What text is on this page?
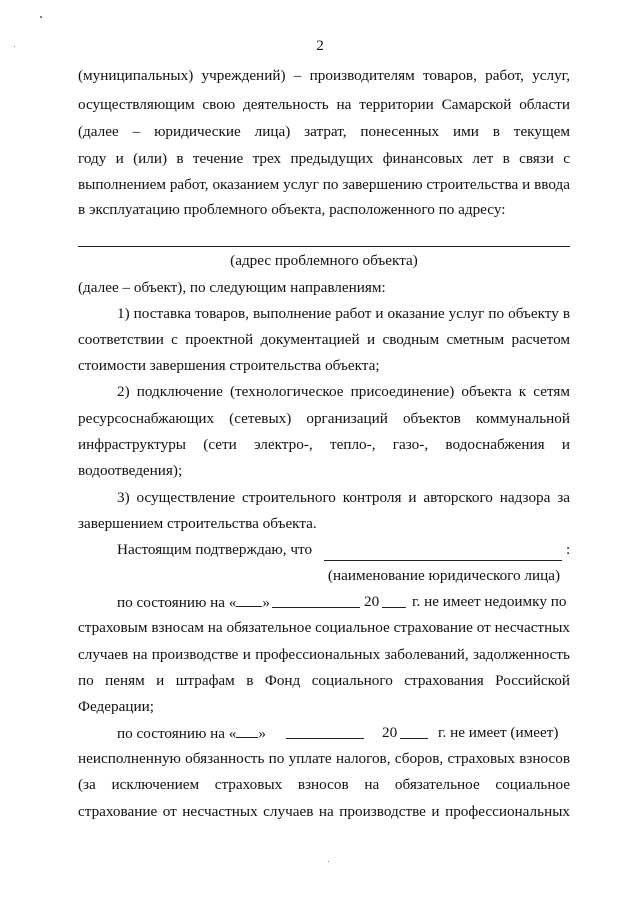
2
(муниципальных) учреждений) – производителям товаров, работ, услуг,
осуществляющим свою деятельность на территории Самарской области
(далее – юридические лица) затрат, понесенных ими в текущем
году и (или) в течение трех предыдущих финансовых лет в связи с
выполнением работ, оказанием услуг по завершению строительства и ввода
в эксплуатацию проблемного объекта, расположенного по адресу:
(адрес проблемного объекта)
(далее – объект), по следующим направлениям:
1) поставка товаров, выполнение работ и оказание услуг по объекту в
соответствии с проектной документацией и сводным сметным расчетом
стоимости завершения строительства объекта;
2) подключение (технологическое присоединение) объекта к сетям
ресурсоснабжающих (сетевых) организаций объектов коммунальной
инфраструктуры (сети электро-, тепло-, газо-, водоснабжения и
водоотведения);
3) осуществление строительного контроля и авторского надзора за
завершением строительства объекта.
Настоящим подтверждаю, что	:
(наименование юридического лица)
по состоянию на « »	20 г. не имеет недоимку по
страховым взносам на обязательное социальное страхование от несчастных
случаев на производстве и профессиональных заболеваний, задолженность
по пеням и штрафам в Фонд социального страхования Российской
Федерации;
по состоянию на « »	20	г. не имеет (имеет)
неисполненную обязанность по уплате налогов, сборов, страховых взносов
(за исключением страховых взносов на обязательное социальное
страхование от несчастных случаев на производстве и профессиональных
